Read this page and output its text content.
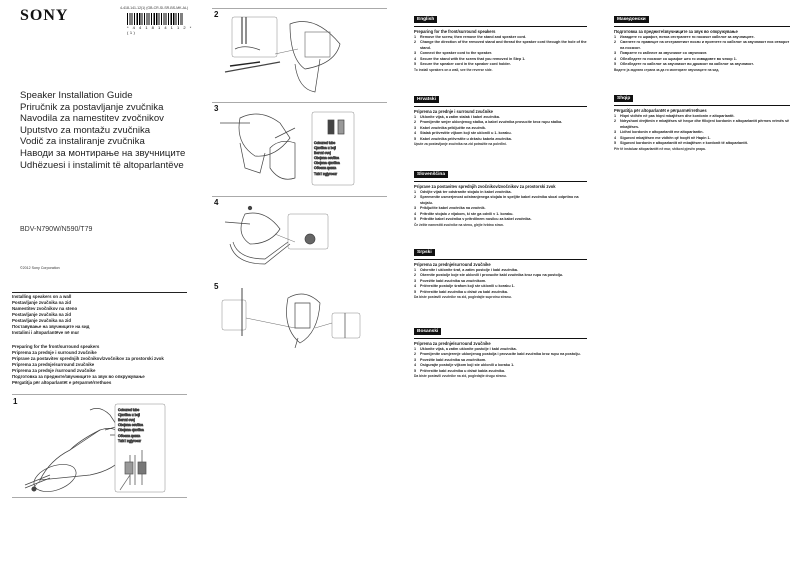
SONY	4-418-141-12(1) (GB-CR-SI-SR-BS-MK-AL)
* 4 4 1 8 1 4 1 1 2 * (1)
Speaker Installation Guide
Priručnik za postavljanje zvučnika
Navodila za namestitev zvočnikov
Uputstvo za montažu zvučnika
Vodič za instaliranje zvučnika
Наводи за монтирање на звучниците
Udhëzuesi i instalimit të altoparlantëve
BDV-N790W/N590/T79
©2012 Sony Corporation
Installing speakers on a wall
Postavljanje zvučnika na zid
Namestitev zvočnikov na steno
Postavljanje zvučnika na zid
Postavljanje zvučnika na zid
Поставување на звучниците на ѕид
Instalimi i altoparlantëve në mur
Preparing for the front/surround speakers
Priprema za prednje i surround zvučnike
Priprave za postavitev sprednjih zvočnikov/zvočnikov za prostorski zvok
Priprema za prednje/surround zvučnike
Priprema za prednje /surround zvučnike
Подготовка за предните/звучниците за звук во опкружување
Përgatitja për altoparlantët e përparmë/rrethues
1
Coloured tube
Cjevčica u boji
Barvni ovoj
Obojena cevčica
Obojena cjevčica
Обоена цевка
Tubi i ngjyrosur
2
3
Coloured tube
Cjevčica u boji
Barvni ovoj
Obojena cevčica
Obojena cjevčica
Обоена цевка
Tubi i ngjyrosur
4
5
English
Preparing for the front/surround speakers
1 Remove the screw, then remove the stand and speaker cord.
2 Change the direction of the removed stand and thread the speaker cord through the hole of the stand.
3 Connect the speaker cord to the speaker.
4 Secure the stand with the screw that you removed in Step 1.
5 Secure the speaker cord in the speaker cord holder.
To install speakers on a wall, see the reverse side.
Hrvatski
Priprema za prednje i surround zvučnike
1 Uklonite vijak, a zatim stalak i kabel zvučnika.
2 Promijenite smjer uklonjenog stalka, a kabel zvučnika provucite kroz rupu stalka.
3 Kabel zvučnika priključite na zvučnik.
4 Stalak pričvrstite vijkom koji ste uklonili u 1. koraku.
5 Kabel zvučnika pričvrstite u držaču kabela zvučnika.
Upute za postavljanje zvučnika na zid potražite na poleđini.
Slovenščina
Priprave za postavitev sprednjih zvočnikov/zvočnikov za prostorski zvok
1 Odvijte vijak ter odstranite stojalo in kabel zvočnika.
2 Spremenite usmerjenost odstranjenega stojala in speljite kabel zvočnika skozi odprtino na stojalu.
3 Priključite kabel zvočnika na zvočnik.
4 Pritrdite stojalo z vijakom, ki ste ga odvili v 1. koraku.
5 Pritrdite kabel zvočnika v pritrdilnem nosilcu za kabel zvočnika.
Če želite namestiti zvočnike na steno, glejte hrbtno stran.
Srpski
Priprema za prednje/surround zvučnike
1 Odvrnite i uklonite šraf, a zatim postolje i kabl zvučnika.
2 Okrenite postolje koje ste uklonili i provucite kabl zvučnika kroz rupu na postolju.
3 Povežite kabl zvučnika sa zvučnikom.
4 Pričvrstite postolje šrafom koji ste uklonili u koraku 1.
5 Pričvrstite kabl zvučnika u držač za kabl zvučnika.
Da biste postavili zvučnike na zid, pogledajte suprotnu stranu.
Bosanski
Priprema za prednje/surround zvučnike
1 Uklonite vijak, a zatim uklonite postolje i kabl zvučnika.
2 Promijenite usmjerenje uklonjenog postolja i provucite kabl zvučnika kroz rupu na postolju.
3 Povežite kabl zvučnika sa zvučnikom.
4 Osigurajte postolje vijkom koji ste uklonili u koraku 1.
5 Pričvrstite kabl zvučnika u držač kabla zvučnika.
Da biste postavili zvučnike na zid, pogledajte drugu stranu.
Македонски
Подготовка за предните/звучниците за звук во опкружување
1 Извадете го шрафот, потоа отстранете ги носачот кабелот за звучниците.
2 Сменете го правецот на отстранетиот носач и протнете го кабелот за звучникот низ отворот на носачот.
3 Поврзете го кабелот за звучникот со звучникот.
4 Обезбедете го носачот со шрафот што го извадивте во чекор 1.
5 Обезбедете го кабелот за звучникот во држачот на кабелот за звучникот.
Видете ја задната страна за да ги монтирате звучниците на ѕид.
Shqip
Përgatitja për altoparlantët e përparmë/rrethues
1 Hiqni vidhën në pas hiqni mbajtësen dhe kordonin e altoparlantit.
2 Ndryshoni drejtimin e mbajtëses së hequr dhe fillojeni kordonin e altoparlantit përmes vrimës së mbajtëses.
3 Lidhni kordonin e altoparlantit me altoparlantin.
4 Siguroni mbajtësen me vidhën që hoqët në Hapin 1.
5 Siguroni kordonin e altoparlantit në mbajtësen e kordonit të altoparlantit.
Për të instaluar altoparlantët në mur, shikoni pjesën prapa.
